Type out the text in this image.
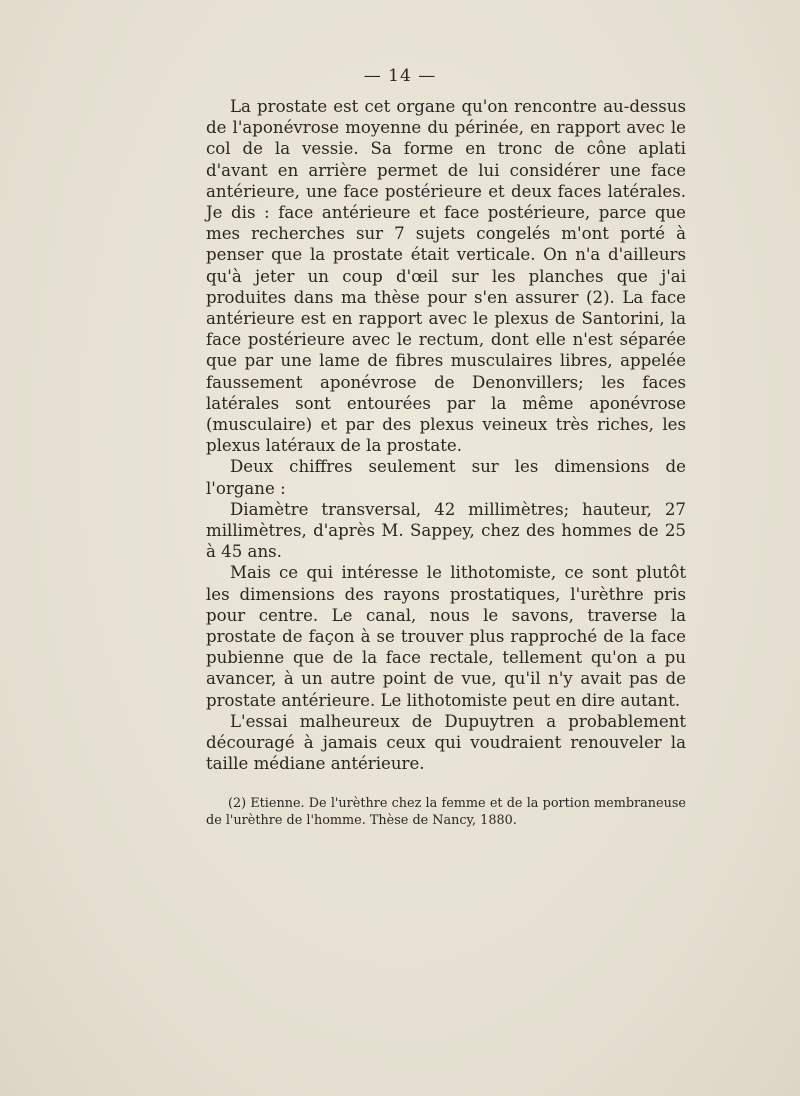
— 14 —

La prostate est cet organe qu'on rencontre au-dessus de l'aponévrose moyenne du périnée, en rapport avec le col de la vessie. Sa forme en tronc de cône aplati d'avant en arrière permet de lui considérer une face antérieure, une face postérieure et deux faces latérales. Je dis : face antérieure et face postérieure, parce que mes recherches sur 7 sujets congelés m'ont porté à penser que la prostate était verticale. On n'a d'ailleurs qu'à jeter un coup d'œil sur les planches que j'ai produites dans ma thèse pour s'en assurer (2). La face antérieure est en rapport avec le plexus de Santorini, la face postérieure avec le rectum, dont elle n'est séparée que par une lame de fibres musculaires libres, appelée faussement aponévrose de Denonvillers; les faces latérales sont entourées par la même aponévrose (musculaire) et par des plexus veineux très riches, les plexus latéraux de la prostate.

Deux chiffres seulement sur les dimensions de l'organe :

Diamètre transversal, 42 millimètres; hauteur, 27 millimètres, d'après M. Sappey, chez des hommes de 25 à 45 ans.

Mais ce qui intéresse le lithotomiste, ce sont plutôt les dimensions des rayons prostatiques, l'urèthre pris pour centre. Le canal, nous le savons, traverse la prostate de façon à se trouver plus rapproché de la face pubienne que de la face rectale, tellement qu'on a pu avancer, à un autre point de vue, qu'il n'y avait pas de prostate antérieure. Le lithotomiste peut en dire autant.

L'essai malheureux de Dupuytren a probablement découragé à jamais ceux qui voudraient renouveler la taille médiane antérieure.

(2) Etienne. De l'urèthre chez la femme et de la portion membraneuse de l'urèthre de l'homme. Thèse de Nancy, 1880.
